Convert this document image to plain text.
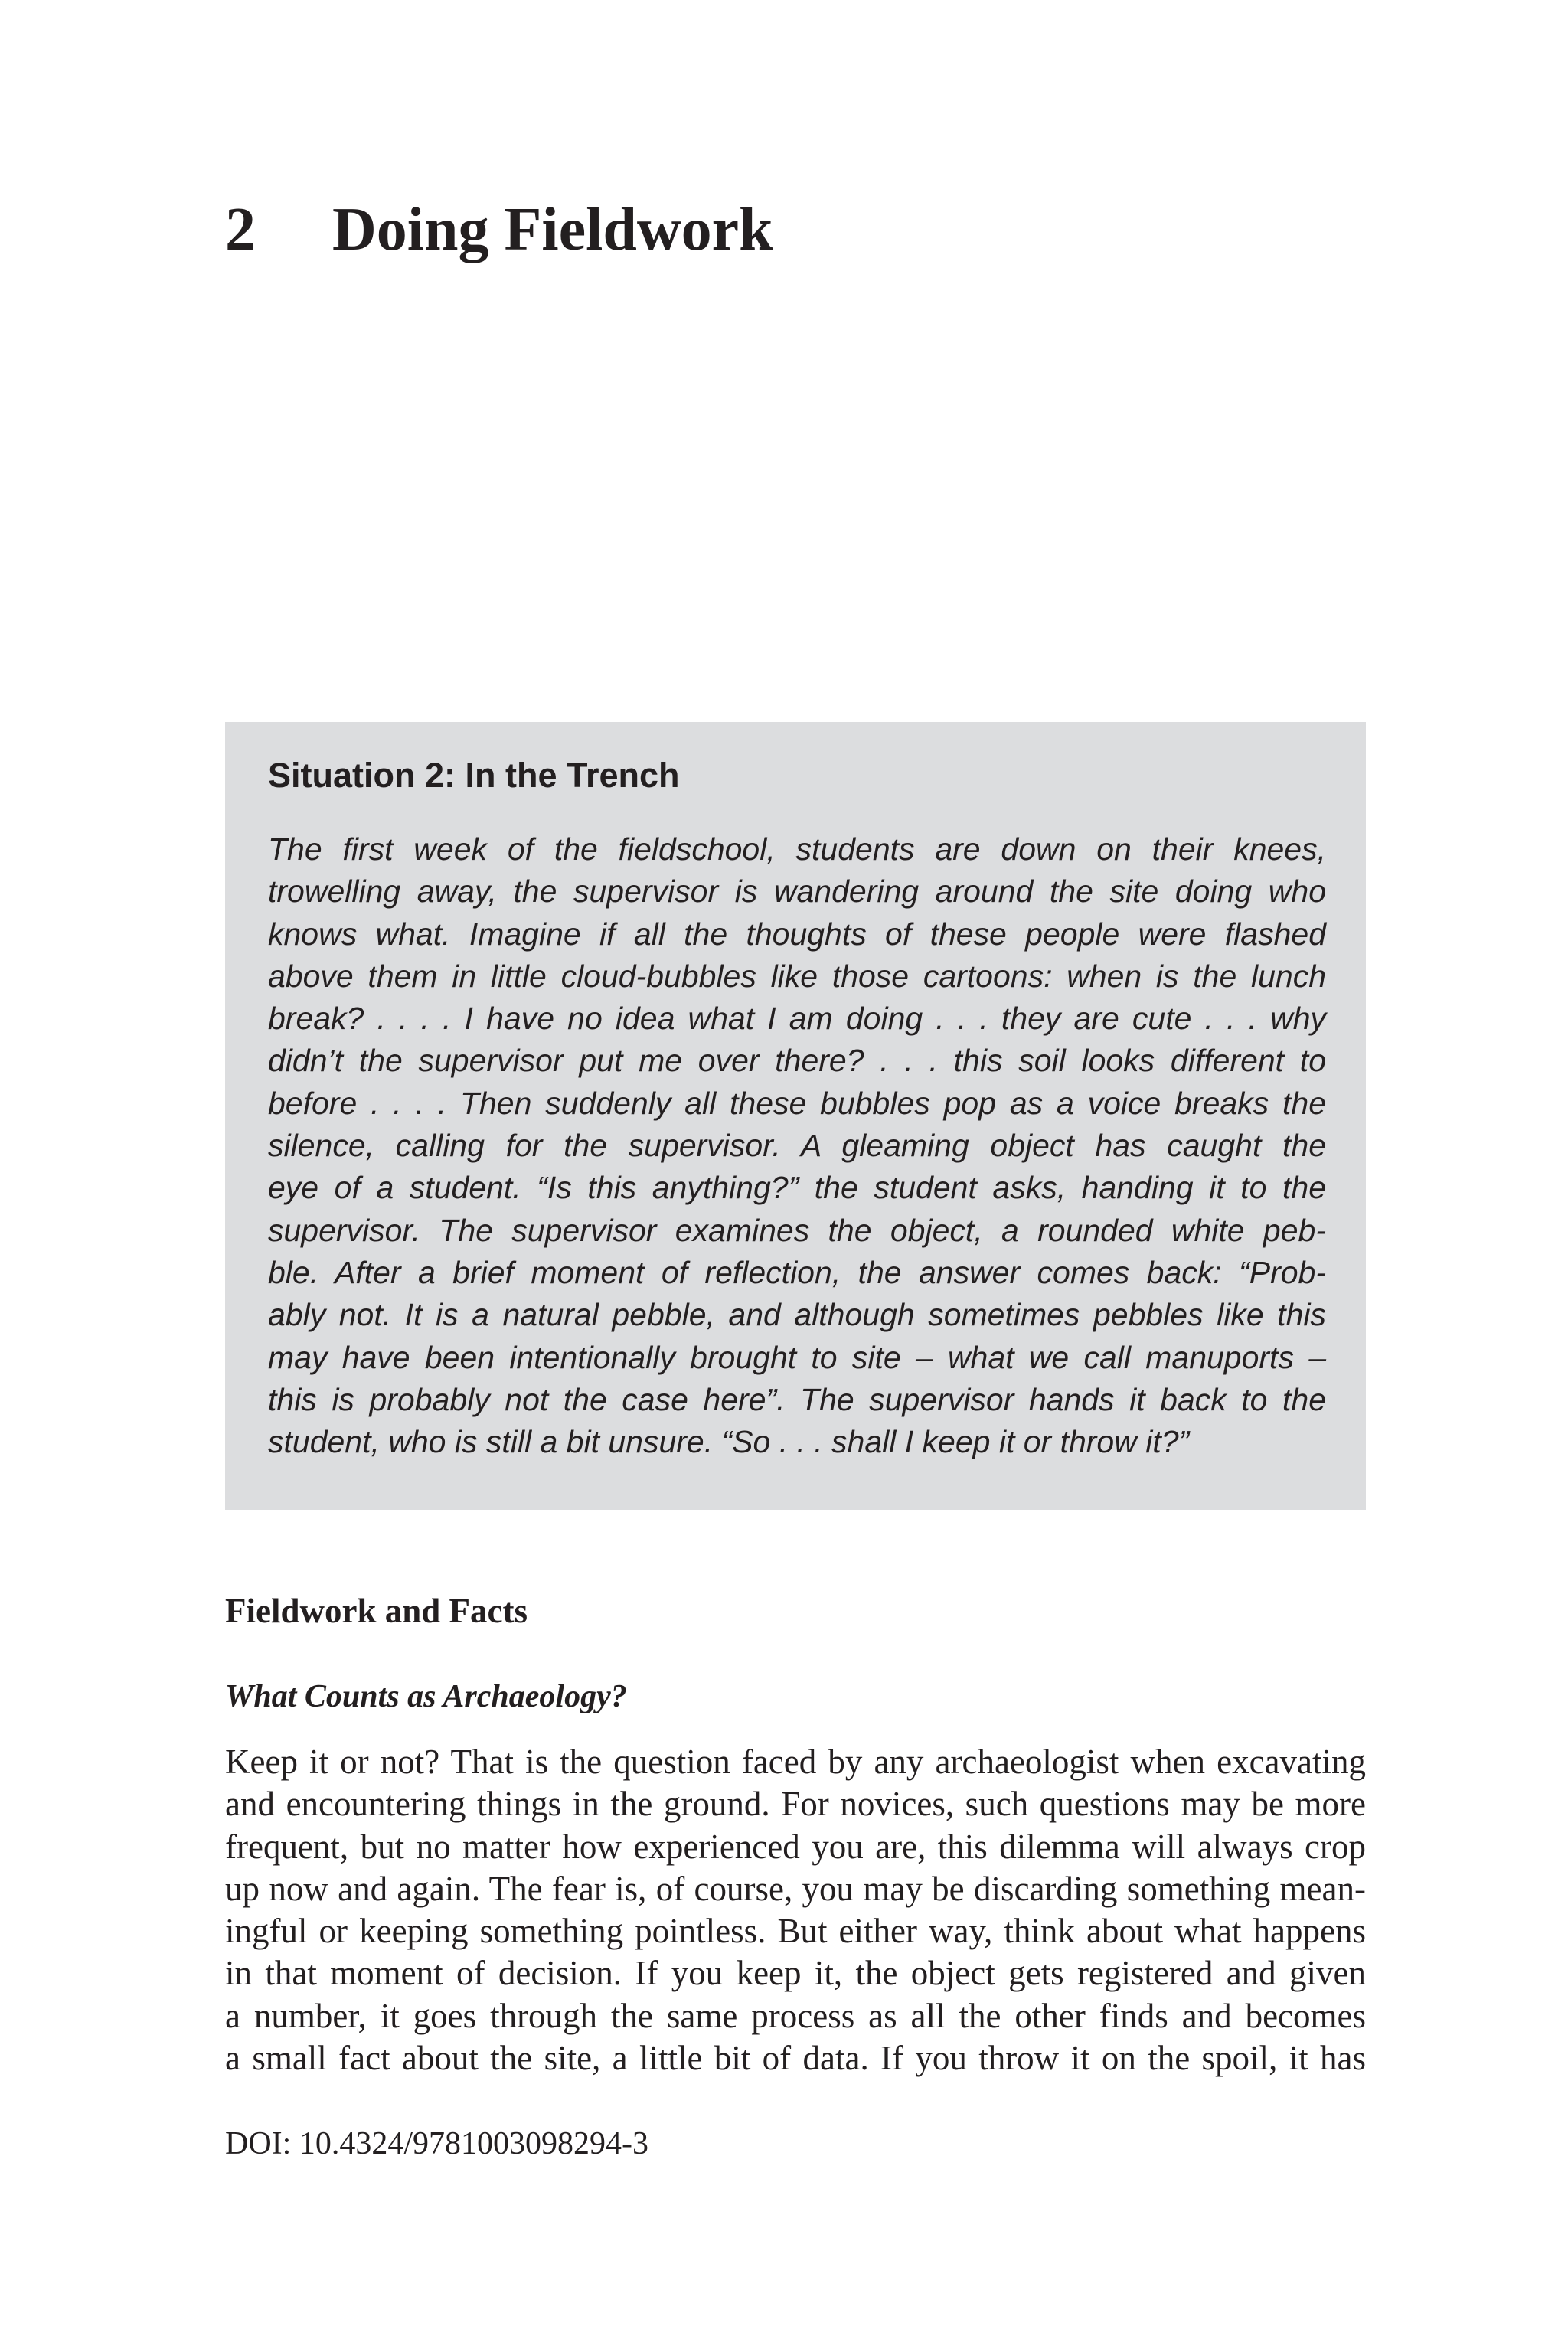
2 Doing Fieldwork
Situation 2: In the Trench
The first week of the fieldschool, students are down on their knees,
trowelling away, the supervisor is wandering around the site doing who
knows what. Imagine if all the thoughts of these people were flashed
above them in little cloud-bubbles like those cartoons: when is the lunch
break? . . . . I have no idea what I am doing . . . they are cute . . . why
didn’t the supervisor put me over there? . . . this soil looks different to
before . . . . Then suddenly all these bubbles pop as a voice breaks the
silence, calling for the supervisor. A gleaming object has caught the
eye of a student. “Is this anything?” the student asks, handing it to the
supervisor. The supervisor examines the object, a rounded white peb-
ble. After a brief moment of reflection, the answer comes back: “Prob-
ably not. It is a natural pebble, and although sometimes pebbles like this
may have been intentionally brought to site – what we call manuports –
this is probably not the case here”. The supervisor hands it back to the
student, who is still a bit unsure. “So . . . shall I keep it or throw it?”
Fieldwork and Facts
What Counts as Archaeology?
Keep it or not? That is the question faced by any archaeologist when excavating
and encountering things in the ground. For novices, such questions may be more
frequent, but no matter how experienced you are, this dilemma will always crop
up now and again. The fear is, of course, you may be discarding something mean-
ingful or keeping something pointless. But either way, think about what happens
in that moment of decision. If you keep it, the object gets registered and given
a number, it goes through the same process as all the other finds and becomes
a small fact about the site, a little bit of data. If you throw it on the spoil, it has

DOI: 10.4324/9781003098294-3
